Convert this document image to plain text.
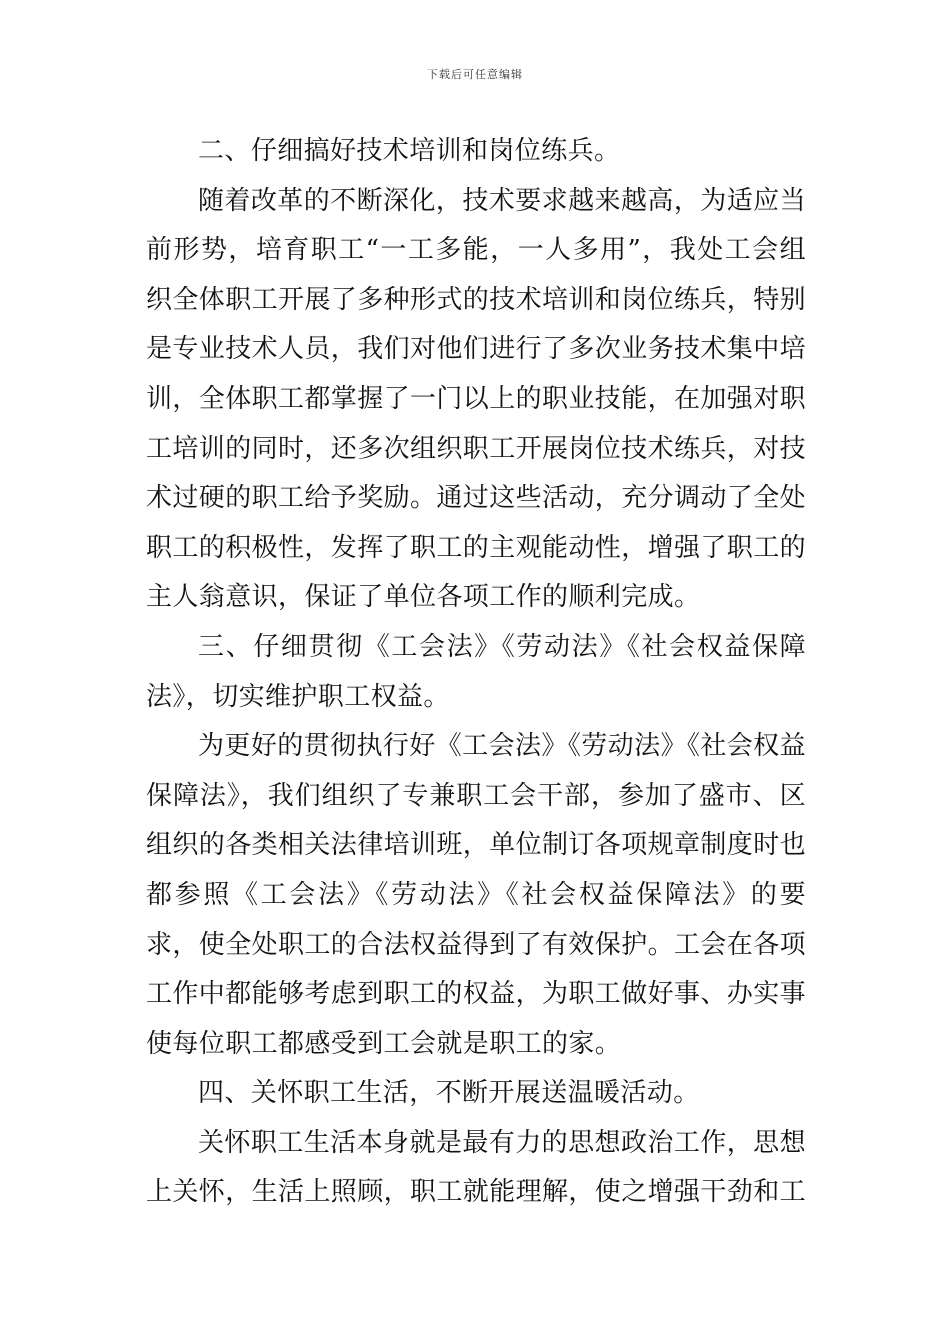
下载后可任意编辑

二、仔细搞好技术培训和岗位练兵。

随着改革的不断深化，技术要求越来越高，为适应当前形势，培育职工“一工多能，一人多用”，我处工会组织全体职工开展了多种形式的技术培训和岗位练兵，特别是专业技术人员，我们对他们进行了多次业务技术集中培训，全体职工都掌握了一门以上的职业技能，在加强对职工培训的同时，还多次组织职工开展岗位技术练兵，对技术过硬的职工给予奖励。通过这些活动，充分调动了全处职工的积极性，发挥了职工的主观能动性，增强了职工的主人翁意识，保证了单位各项工作的顺利完成。

三、仔细贯彻《工会法》《劳动法》《社会权益保障法》，切实维护职工权益。

为更好的贯彻执行好《工会法》《劳动法》《社会权益保障法》，我们组织了专兼职工会干部，参加了盛市、区组织的各类相关法律培训班，单位制订各项规章制度时也都参照《工会法》《劳动法》《社会权益保障法》的要求，使全处职工的合法权益得到了有效保护。工会在各项工作中都能够考虑到职工的权益，为职工做好事、办实事使每位职工都感受到工会就是职工的家。

四、关怀职工生活，不断开展送温暖活动。

关怀职工生活本身就是最有力的思想政治工作，思想上关怀，生活上照顾，职工就能理解，使之增强干劲和工
